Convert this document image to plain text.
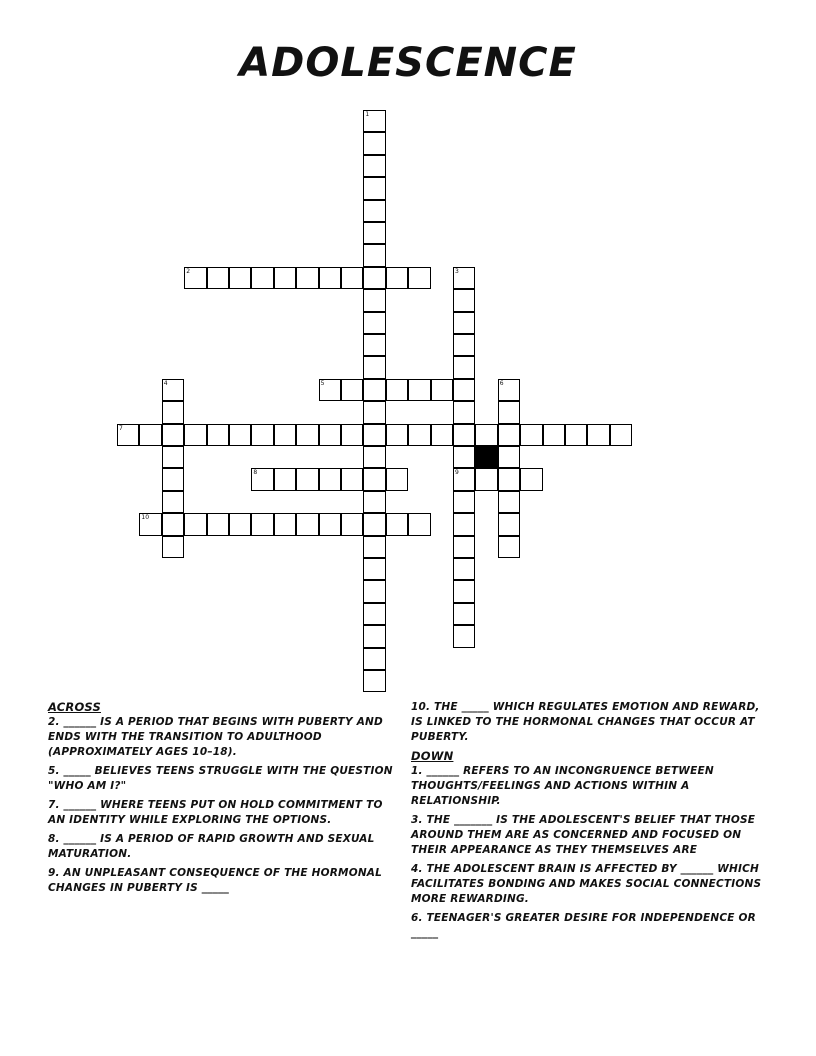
ADOLESCENCE
1
2	3
9
4	5	6
7
8
10
ACROSS

2. ______ IS A PERIOD THAT BEGINS WITH PUBERTY AND ENDS WITH THE TRANSITION TO ADULTHOOD (APPROXIMATELY AGES 10–18).

5. _____ BELIEVES TEENS STRUGGLE WITH THE QUESTION "WHO AM I?"

7. ______ WHERE TEENS PUT ON HOLD COMMITMENT TO AN IDENTITY WHILE EXPLORING THE OPTIONS.

8. ______ IS A PERIOD OF RAPID GROWTH AND SEXUAL MATURATION.

9. AN UNPLEASANT CONSEQUENCE OF THE HORMONAL CHANGES IN PUBERTY IS _____

10. THE _____ WHICH REGULATES EMOTION AND REWARD, IS LINKED TO THE HORMONAL CHANGES THAT OCCUR AT PUBERTY.

DOWN

1. ______ REFERS TO AN INCONGRUENCE BETWEEN THOUGHTS/FEELINGS AND ACTIONS WITHIN A RELATIONSHIP.

3. THE _______ IS THE ADOLESCENT'S BELIEF THAT THOSE AROUND THEM ARE AS CONCERNED AND FOCUSED ON THEIR APPEARANCE AS THEY THEMSELVES ARE

4. THE ADOLESCENT BRAIN IS AFFECTED BY ______ WHICH FACILITATES BONDING AND MAKES SOCIAL CONNECTIONS MORE REWARDING.

6. TEENAGER'S GREATER DESIRE FOR INDEPENDENCE OR _____
